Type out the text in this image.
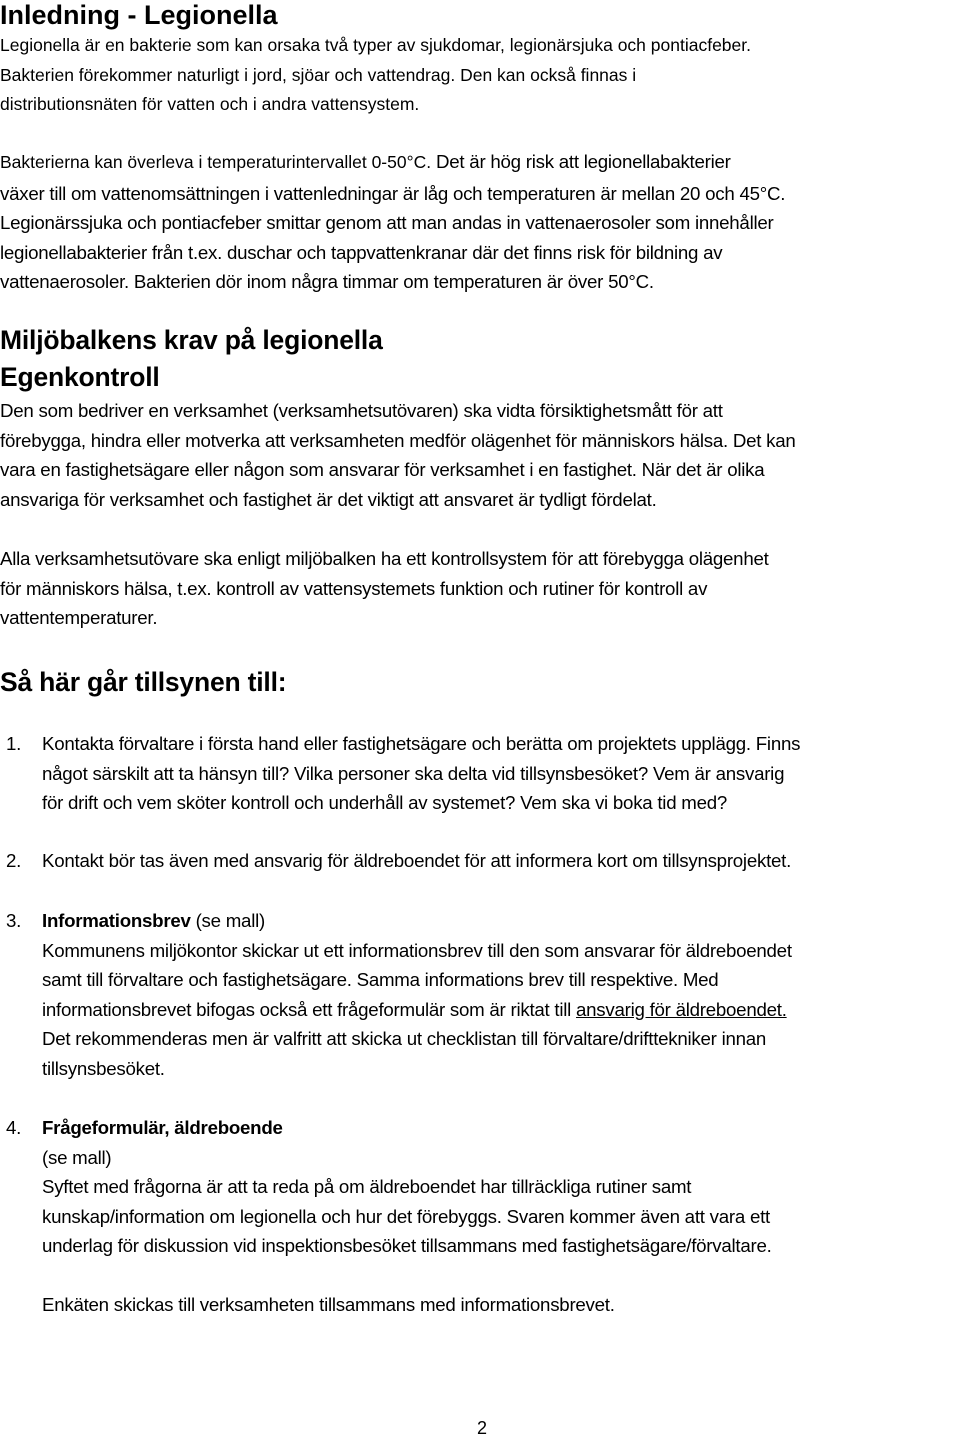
Inledning - Legionella

Legionella är en bakterie som kan orsaka två typer av sjukdomar, legionärsjuka och pontiacfeber.
Bakterien förekommer naturligt i jord, sjöar och vattendrag. Den kan också finnas i
distributionsnäten för vatten och i andra vattensystem.

Bakterierna kan överleva i temperaturintervallet 0-50°C. Det är hög risk att legionellabakterier
växer till om vattenomsättningen i vattenledningar är låg och temperaturen är mellan 20 och 45°C.
Legionärssjuka och pontiacfeber smittar genom att man andas in vattenaerosoler som innehåller
legionellabakterier från t.ex. duschar och tappvattenkranar där det finns risk för bildning av
vattenaerosoler. Bakterien dör inom några timmar om temperaturen är över 50°C.

Miljöbalkens krav på legionella
Egenkontroll

Den som bedriver en verksamhet (verksamhetsutövaren) ska vidta försiktighetsmått för att
förebygga, hindra eller motverka att verksamheten medför olägenhet för människors hälsa. Det kan
vara en fastighetsägare eller någon som ansvarar för verksamhet i en fastighet. När det är olika
ansvariga för verksamhet och fastighet är det viktigt att ansvaret är tydligt fördelat.

Alla verksamhetsutövare ska enligt miljöbalken ha ett kontrollsystem för att förebygga olägenhet
för människors hälsa, t.ex. kontroll av vattensystemets funktion och rutiner för kontroll av
vattentemperaturer.

Så här går tillsynen till:
1. Kontakta förvaltare i första hand eller fastighetsägare och berätta om projektets upplägg. Finns
något särskilt att ta hänsyn till? Vilka personer ska delta vid tillsynsbesöket? Vem är ansvarig
för drift och vem sköter kontroll och underhåll av systemet? Vem ska vi boka tid med?
2. Kontakt bör tas även med ansvarig för äldreboendet för att informera kort om tillsynsprojektet.
3. Informationsbrev (se mall)
Kommunens miljökontor skickar ut ett informationsbrev till den som ansvarar för äldreboendet
samt till förvaltare och fastighetsägare. Samma informations brev till respektive. Med
informationsbrevet bifogas också ett frågeformulär som är riktat till ansvarig för äldreboendet.
Det rekommenderas men är valfritt att skicka ut checklistan till förvaltare/drifttekniker innan
tillsynsbesöket.
4. Frågeformulär, äldreboende
(se mall)
Syftet med frågorna är att ta reda på om äldreboendet har tillräckliga rutiner samt
kunskap/information om legionella och hur det förebyggs. Svaren kommer även att vara ett
underlag för diskussion vid inspektionsbesöket tillsammans med fastighetsägare/förvaltare.
Enkäten skickas till verksamheten tillsammans med informationsbrevet.
2
